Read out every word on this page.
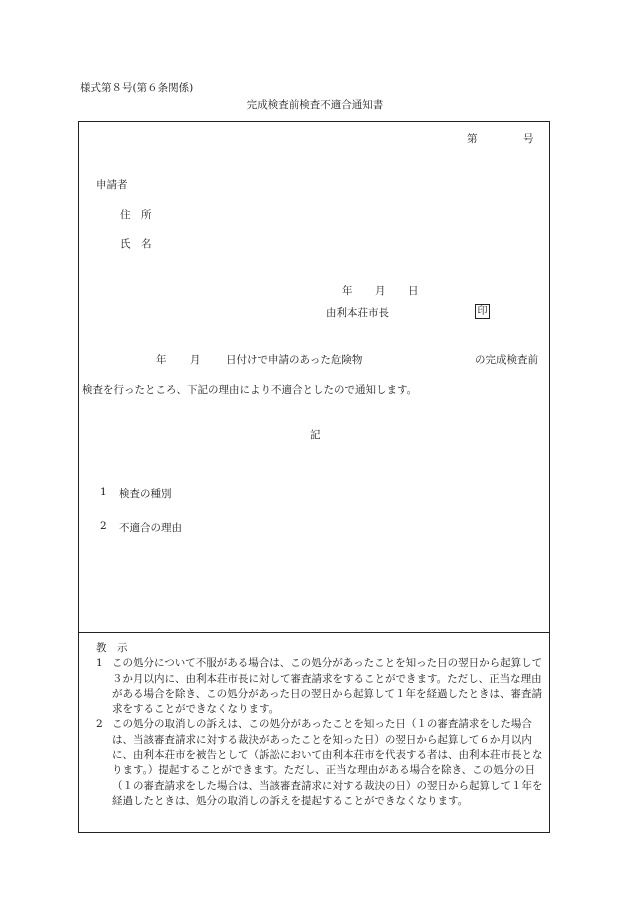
様式第８号(第６条関係)
完成検査前検査不適合通知書
第	号
申請者
住　所
氏　名
年 月 日
由利本荘市長	印
年 月 日付けで申請のあった危険物	の完成検査前
検査を行ったところ、下記の理由により不適合としたので通知します。
記
1 検査の種別
2 不適合の理由
教　示
1 この処分について不服がある場合は、この処分があったことを知った日の翌日から起算して３か月以内に、由利本荘市長に対して審査請求をすることができます。ただし、正当な理由がある場合を除き、この処分があった日の翌日から起算して１年を経過したときは、審査請求をすることができなくなります。
2 この処分の取消しの訴えは、この処分があったことを知った日（１の審査請求をした場合は、当該審査請求に対する裁決があったことを知った日）の翌日から起算して６か月以内に、由利本荘市を被告として（訴訟において由利本荘市を代表する者は、由利本荘市長となります。）提起することができます。ただし、正当な理由がある場合を除き、この処分の日（１の審査請求をした場合は、当該審査請求に対する裁決の日）の翌日から起算して１年を経過したときは、処分の取消しの訴えを提起することができなくなります。
